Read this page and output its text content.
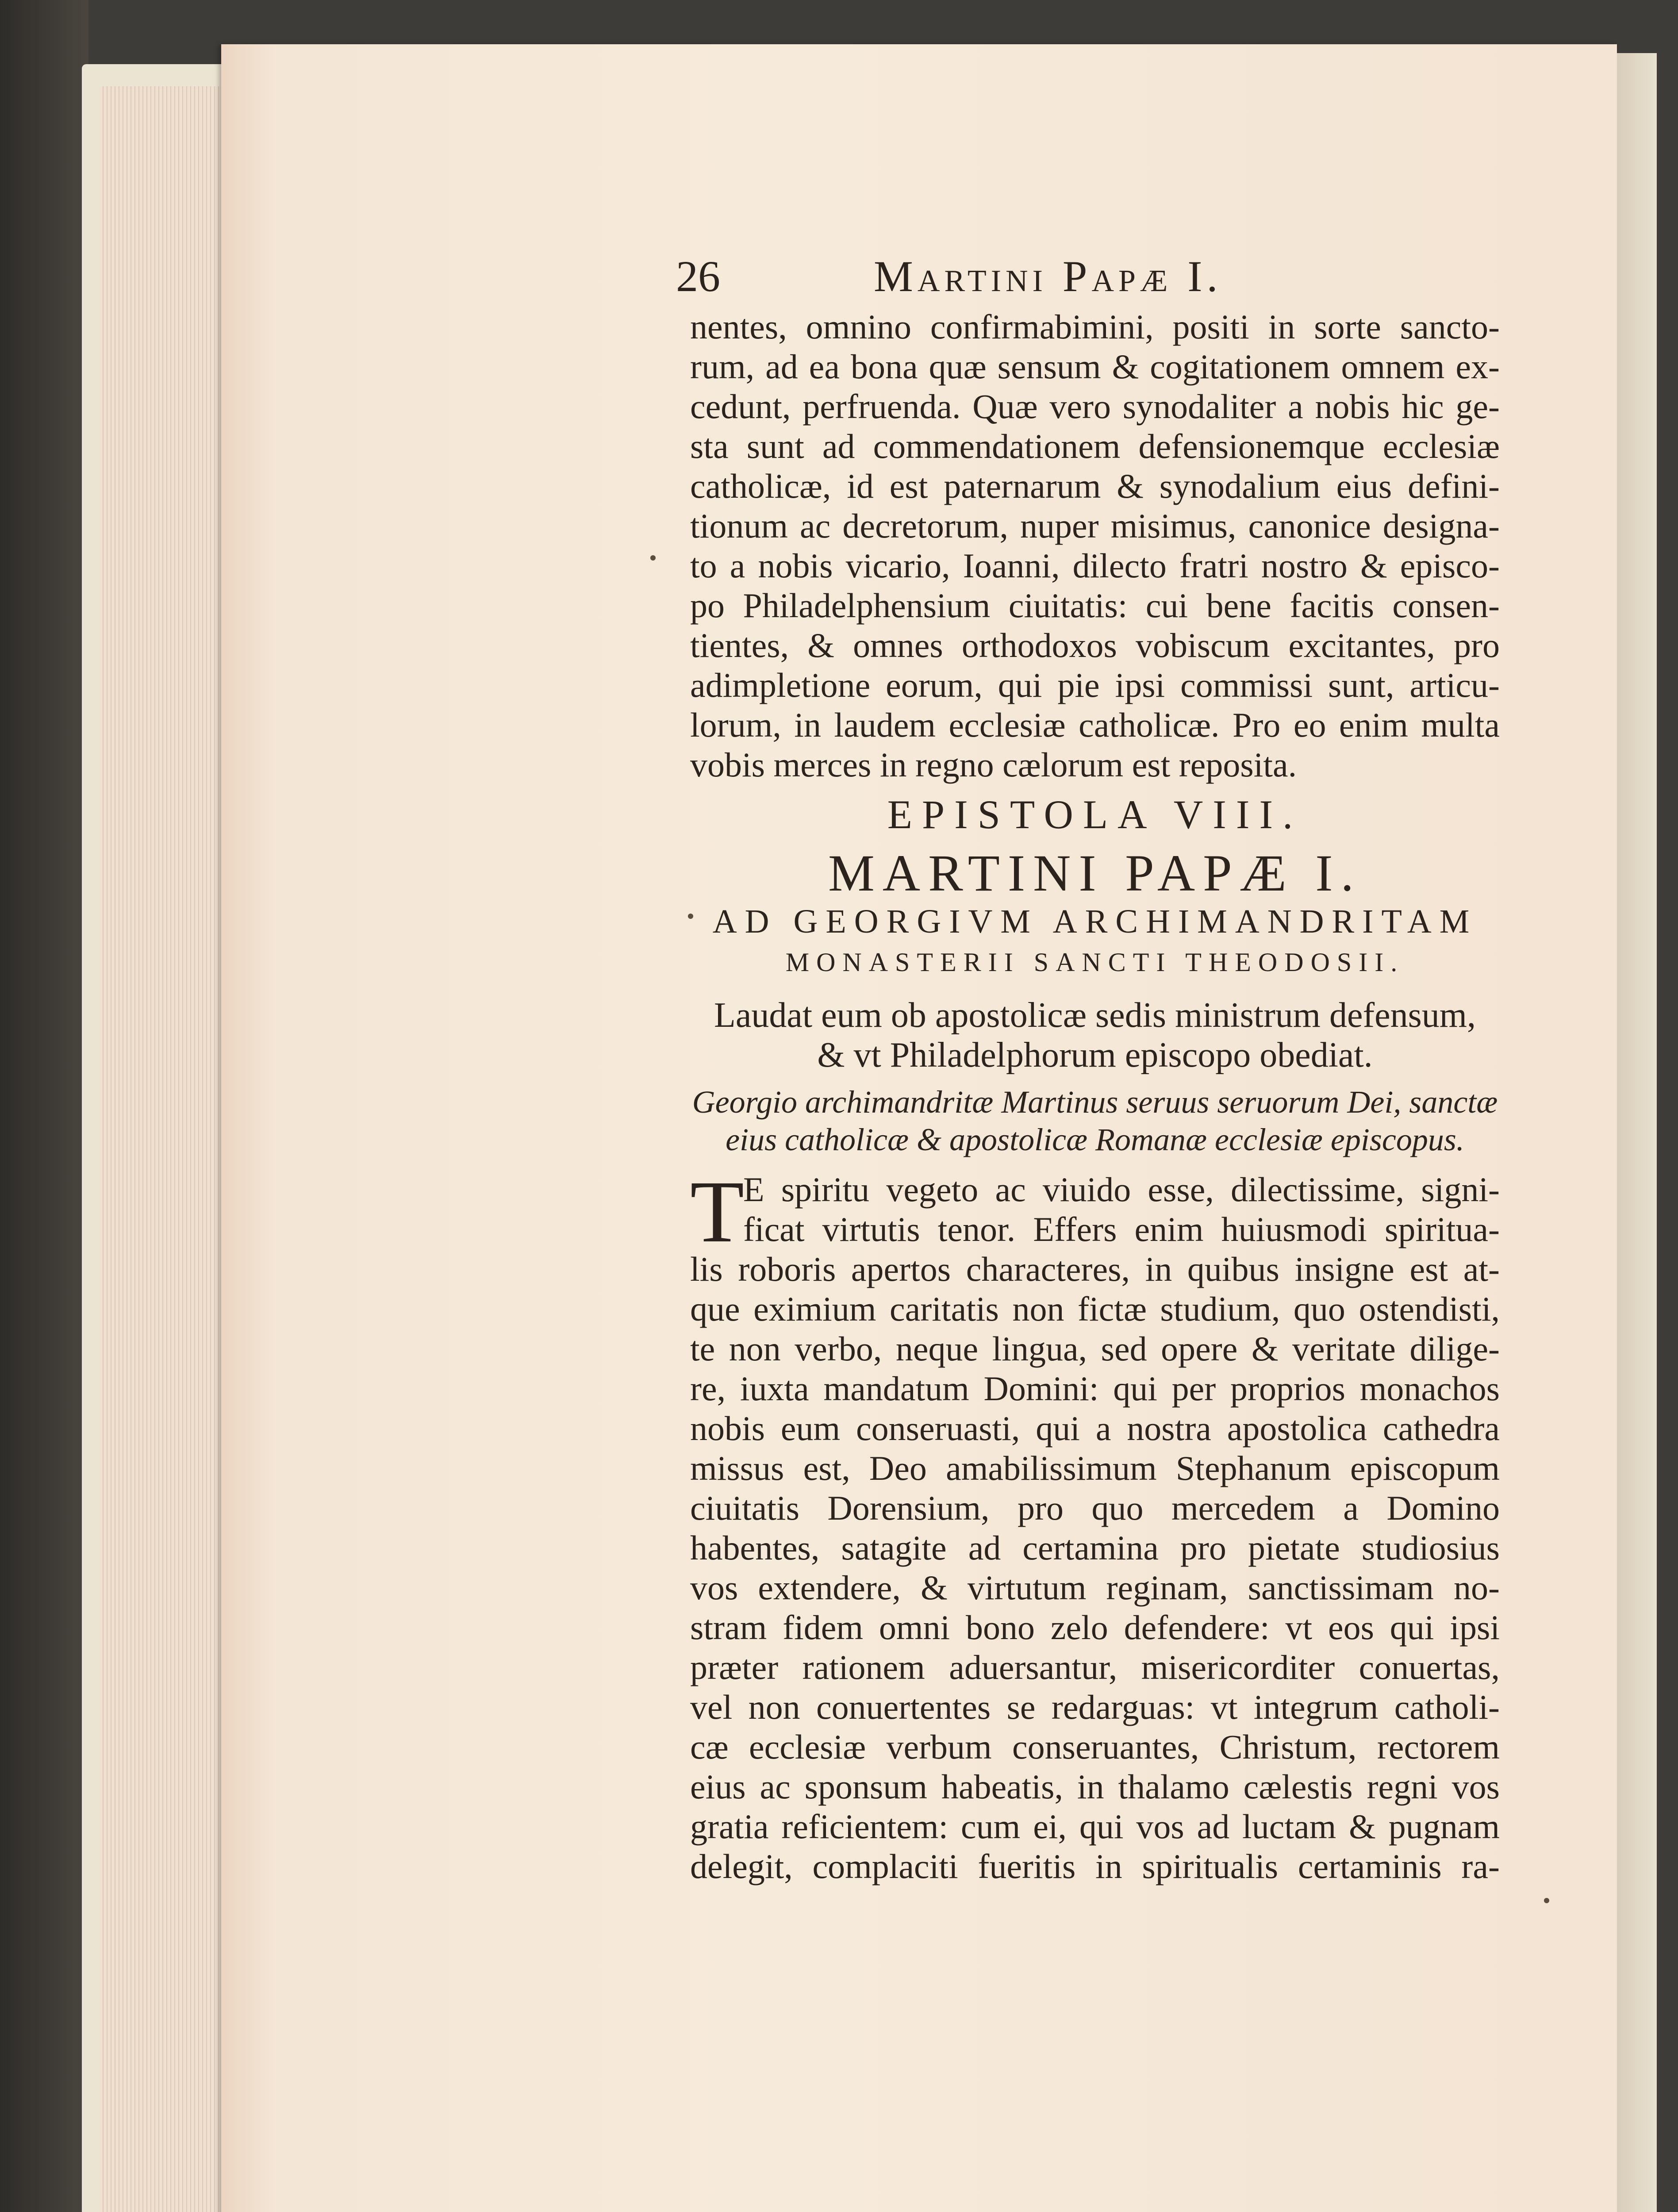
26	Martini Papæ I.
nentes, omnino confirmabimini, positi in sorte sancto-
rum, ad ea bona quæ sensum & cogitationem omnem ex-
cedunt, perfruenda. Quæ vero synodaliter a nobis hic ge-
sta sunt ad commendationem defensionemque ecclesiæ
catholicæ, id est paternarum & synodalium eius defini-
tionum ac decretorum, nuper misimus, canonice designa-
to a nobis vicario, Ioanni, dilecto fratri nostro & episco-
po Philadelphensium ciuitatis: cui bene facitis consen-
tientes, & omnes orthodoxos vobiscum excitantes, pro
adimpletione eorum, qui pie ipsi commissi sunt, articu-
lorum, in laudem ecclesiæ catholicæ. Pro eo enim multa
vobis merces in regno cælorum est reposita.
EPISTOLA VIII.
MARTINI PAPÆ I.
AD GEORGIVM ARCHIMANDRITAM
MONASTERII SANCTI THEODOSII.
Laudat eum ob apostolicæ sedis ministrum defensum,
& vt Philadelphorum episcopo obediat.
Georgio archimandritæ Martinus seruus seruorum Dei, sanctæ
eius catholicæ & apostolicæ Romanæ ecclesiæ episcopus.
T
E spiritu vegeto ac viuido esse, dilectissime, signi-
ficat virtutis tenor. Effers enim huiusmodi spiritua-
lis roboris apertos characteres, in quibus insigne est at-
que eximium caritatis non fictæ studium, quo ostendisti,
te non verbo, neque lingua, sed opere & veritate dilige-
re, iuxta mandatum Domini: qui per proprios monachos
nobis eum conseruasti, qui a nostra apostolica cathedra
missus est, Deo amabilissimum Stephanum episcopum
ciuitatis Dorensium, pro quo mercedem a Domino
habentes, satagite ad certamina pro pietate studiosius
vos extendere, & virtutum reginam, sanctissimam no-
stram fidem omni bono zelo defendere: vt eos qui ipsi
præter rationem aduersantur, misericorditer conuertas,
vel non conuertentes se redarguas: vt integrum catholi-
cæ ecclesiæ verbum conseruantes, Christum, rectorem
eius ac sponsum habeatis, in thalamo cælestis regni vos
gratia reficientem: cum ei, qui vos ad luctam & pugnam
delegit, complaciti fueritis in spiritualis certaminis ra-
